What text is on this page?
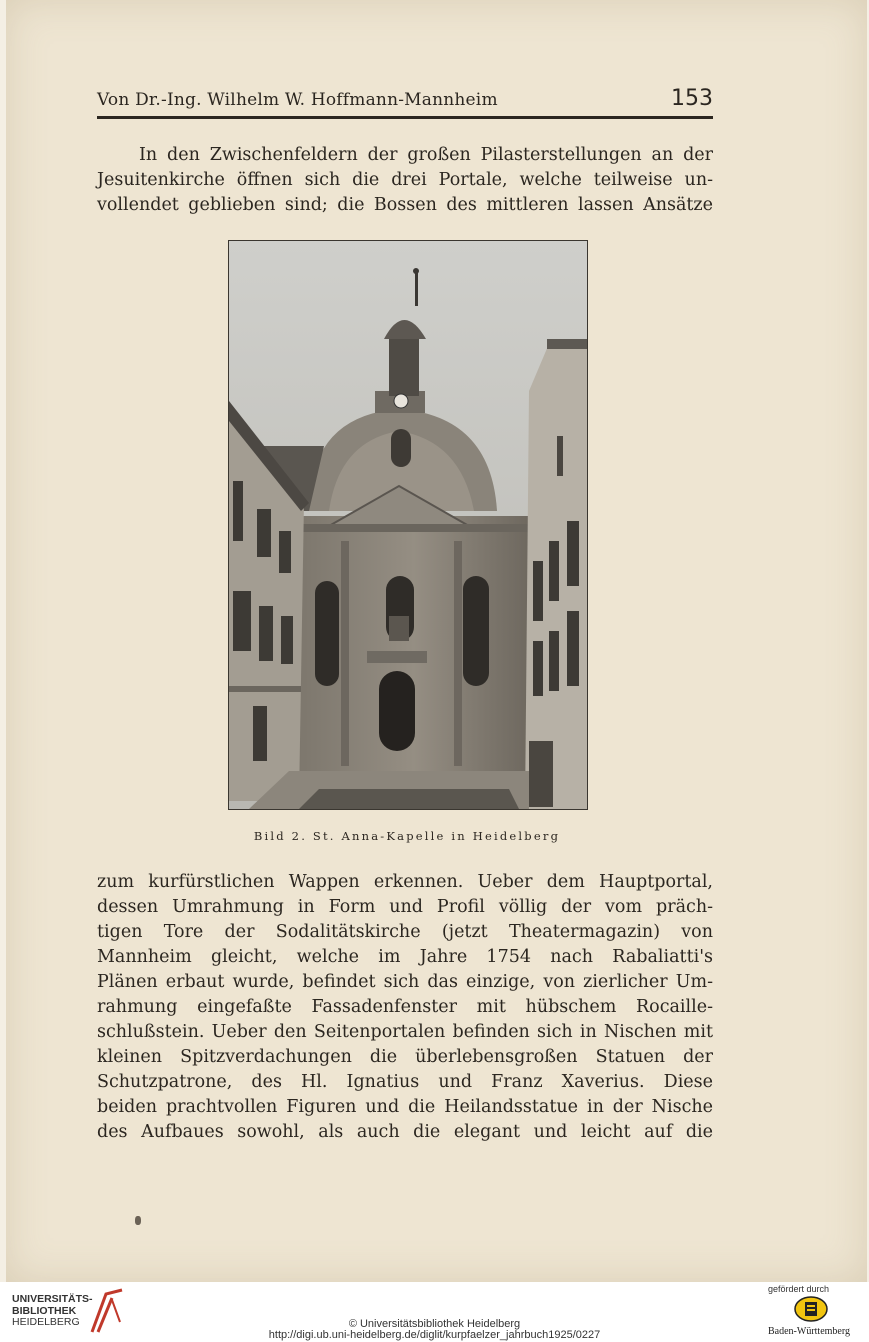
Von Dr.-Ing. Wilhelm W. Hoffmann-Mannheim	153
In den Zwischenfeldern der großen Pilasterstellungen an der
Jesuitenkirche öffnen sich die drei Portale, welche teilweise un-
vollendet geblieben sind; die Bossen des mittleren lassen Ansätze
Bild 2. St. Anna-Kapelle in Heidelberg
zum kurfürstlichen Wappen erkennen. Ueber dem Hauptportal,
dessen Umrahmung in Form und Profil völlig der vom präch-
tigen Tore der Sodalitätskirche (jetzt Theatermagazin) von
Mannheim gleicht, welche im Jahre 1754 nach Rabaliatti's
Plänen erbaut wurde, befindet sich das einzige, von zierlicher Um-
rahmung eingefaßte Fassadenfenster mit hübschem Rocaille-
schlußstein. Ueber den Seitenportalen befinden sich in Nischen mit
kleinen Spitzverdachungen die überlebensgroßen Statuen der
Schutzpatrone, des Hl. Ignatius und Franz Xaverius. Diese
beiden prachtvollen Figuren und die Heilandsstatue in der Nische
des Aufbaues sowohl, als auch die elegant und leicht auf die
UNIVERSITÄTS-
BIBLIOTHEK
HEIDELBERG	© Universitätsbibliothek Heidelberg
http://digi.ub.uni-heidelberg.de/diglit/kurpfaelzer_jahrbuch1925/0227
gefördert durch
Baden-Württemberg
